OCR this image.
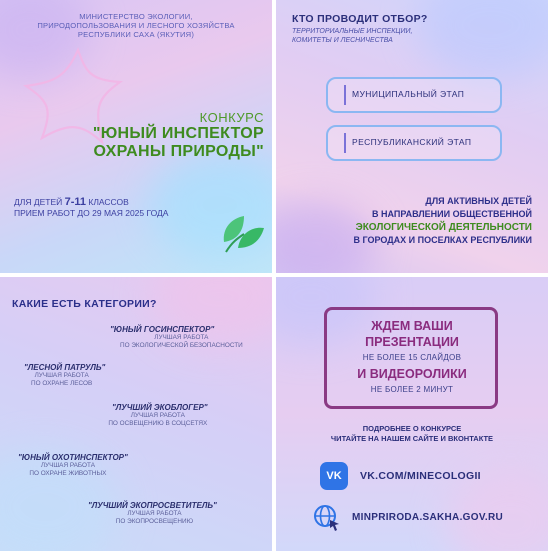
МИНИСТЕРСТВО ЭКОЛОГИИ,
ПРИРОДОПОЛЬЗОВАНИЯ И ЛЕСНОГО ХОЗЯЙСТВА
РЕСПУБЛИКИ САХА (ЯКУТИЯ)
КОНКУРС
"ЮНЫЙ ИНСПЕКТОР
ОХРАНЫ ПРИРОДЫ"
ДЛЯ ДЕТЕЙ 7-11 КЛАССОВ
ПРИЕМ РАБОТ ДО 29 МАЯ 2025 ГОДА
КТО ПРОВОДИТ ОТБОР?
ТЕРРИТОРИАЛЬНЫЕ ИНСПЕКЦИИ,
КОМИТЕТЫ И ЛЕСНИЧЕСТВА
МУНИЦИПАЛЬНЫЙ ЭТАП
РЕСПУБЛИКАНСКИЙ ЭТАП
ДЛЯ АКТИВНЫХ ДЕТЕЙ
В НАПРАВЛЕНИИ ОБЩЕСТВЕННОЙ
ЭКОЛОГИЧЕСКОЙ ДЕЯТЕЛЬНОСТИ
В ГОРОДАХ И ПОСЕЛКАХ РЕСПУБЛИКИ
КАКИЕ ЕСТЬ КАТЕГОРИИ?
"ЮНЫЙ ГОСИНСПЕКТОР"
ЛУЧШАЯ РАБОТА
ПО ЭКОЛОГИЧЕСКОЙ БЕЗОПАСНОСТИ
"ЛЕСНОЙ ПАТРУЛЬ"
ЛУЧШАЯ РАБОТА
ПО ОХРАНЕ ЛЕСОВ
"ЛУЧШИЙ ЭКОБЛОГЕР"
ЛУЧШАЯ РАБОТА
ПО ОСВЕЩЕНИЮ В СОЦСЕТЯХ
"ЮНЫЙ ОХОТИНСПЕКТОР"
ЛУЧШАЯ РАБОТА
ПО ОХРАНЕ ЖИВОТНЫХ
"ЛУЧШИЙ ЭКОПРОСВЕТИТЕЛЬ"
ЛУЧШАЯ РАБОТА
ПО ЭКОПРОСВЕЩЕНИЮ
ЖДЕМ ВАШИ
ПРЕЗЕНТАЦИИ
НЕ БОЛЕЕ 15 СЛАЙДОВ
И ВИДЕОРОЛИКИ
НЕ БОЛЕЕ 2 МИНУТ
ПОДРОБНЕЕ О КОНКУРСЕ
ЧИТАЙТЕ НА НАШЕМ САЙТЕ И ВКОНТАКТЕ
VK	VK.COM/MINECOLOGII
MINPRIRODA.SAKHA.GOV.RU
